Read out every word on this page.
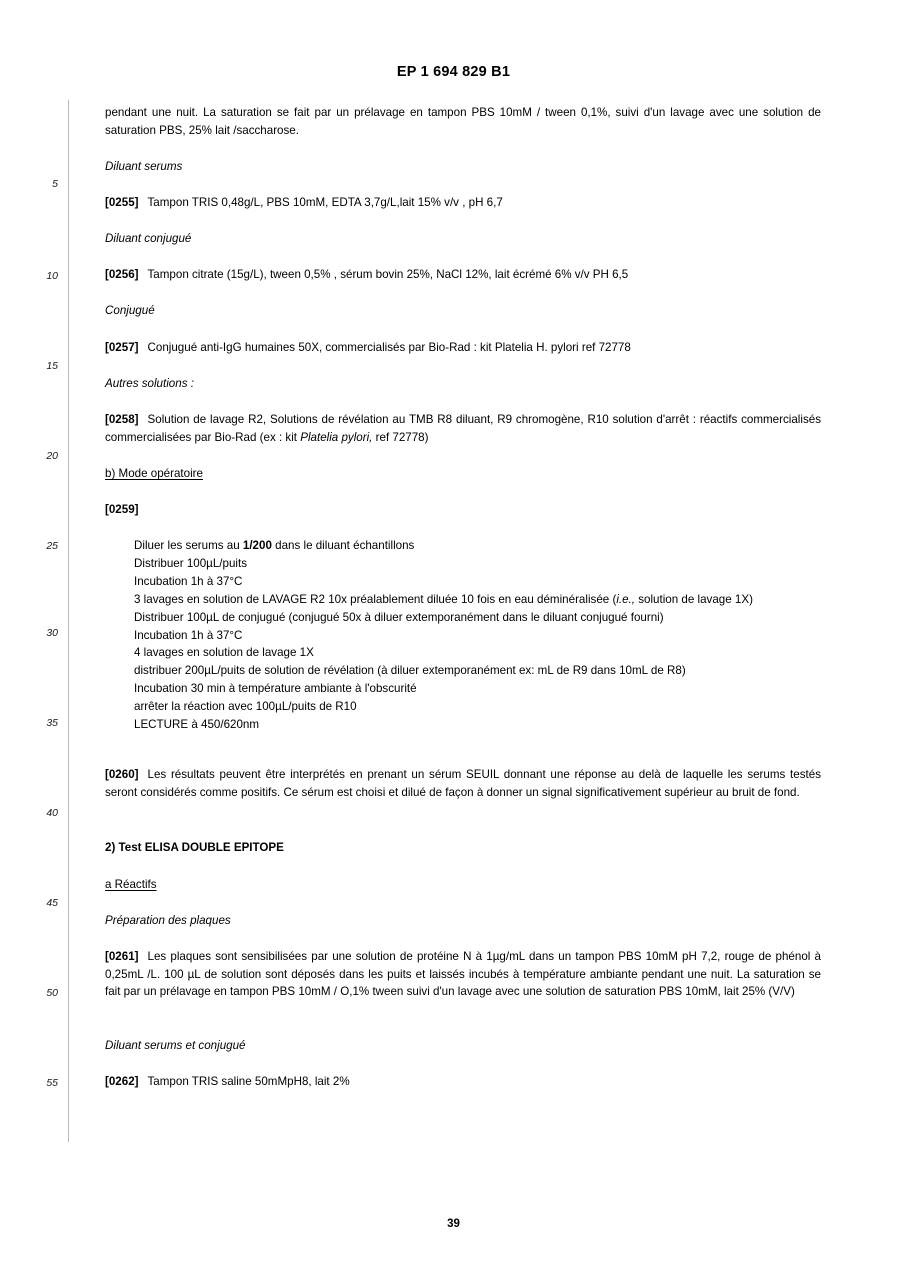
EP 1 694 829 B1
5
10
15
20
25
30
35
40
45
50
55
pendant une nuit. La saturation se fait par un prélavage en tampon PBS 10mM / tween 0,1%, suivi d'un lavage avec une solution de saturation PBS, 25% lait /saccharose.
Diluant serums
[0255] Tampon TRIS 0,48g/L, PBS 10mM, EDTA 3,7g/L,lait 15% v/v , pH 6,7
Diluant conjugué
[0256] Tampon citrate (15g/L), tween 0,5% , sérum bovin 25%, NaCl 12%, lait écrémé 6% v/v PH 6,5
Conjugué
[0257] Conjugué anti-IgG humaines 50X, commercialisés par Bio-Rad : kit Platelia H. pylori ref 72778
Autres solutions :
[0258] Solution de lavage R2, Solutions de révélation au TMB R8 diluant, R9 chromogène, R10 solution d'arrêt : réactifs commercialisés commercialisées par Bio-Rad (ex : kit Platelia pylori, ref 72778)
b) Mode opératoire
[0259]
Diluer les serums au 1/200 dans le diluant échantillons
Distribuer 100µL/puits
Incubation 1h à 37°C
3 lavages en solution de LAVAGE R2 10x préalablement diluée 10 fois en eau déminéralisée (i.e., solution de lavage 1X)
Distribuer 100µL de conjugué (conjugué 50x à diluer extemporanément dans le diluant conjugué fourni)
Incubation 1h à 37°C
4 lavages en solution de lavage 1X
distribuer 200µL/puits de solution de révélation (à diluer extemporanément ex: mL de R9 dans 10mL de R8)
Incubation 30 min à température ambiante à l'obscurité
arrêter la réaction avec 100µL/puits de R10
LECTURE à 450/620nm
[0260] Les résultats peuvent être interprétés en prenant un sérum SEUIL donnant une réponse au delà de laquelle les serums testés seront considérés comme positifs. Ce sérum est choisi et dilué de façon à donner un signal significativement supérieur au bruit de fond.
2) Test ELISA DOUBLE EPITOPE
a Réactifs
Préparation des plaques
[0261] Les plaques sont sensibilisées par une solution de protéine N à 1µg/mL dans un tampon PBS 10mM pH 7,2, rouge de phénol à 0,25mL /L. 100 µL de solution sont déposés dans les puits et laissés incubés à température ambiante pendant une nuit. La saturation se fait par un prélavage en tampon PBS 10mM / O,1% tween suivi d'un lavage avec une solution de saturation PBS 10mM, lait 25% (V/V)
Diluant serums et conjugué
[0262] Tampon TRIS saline 50mMpH8, lait 2%
39
